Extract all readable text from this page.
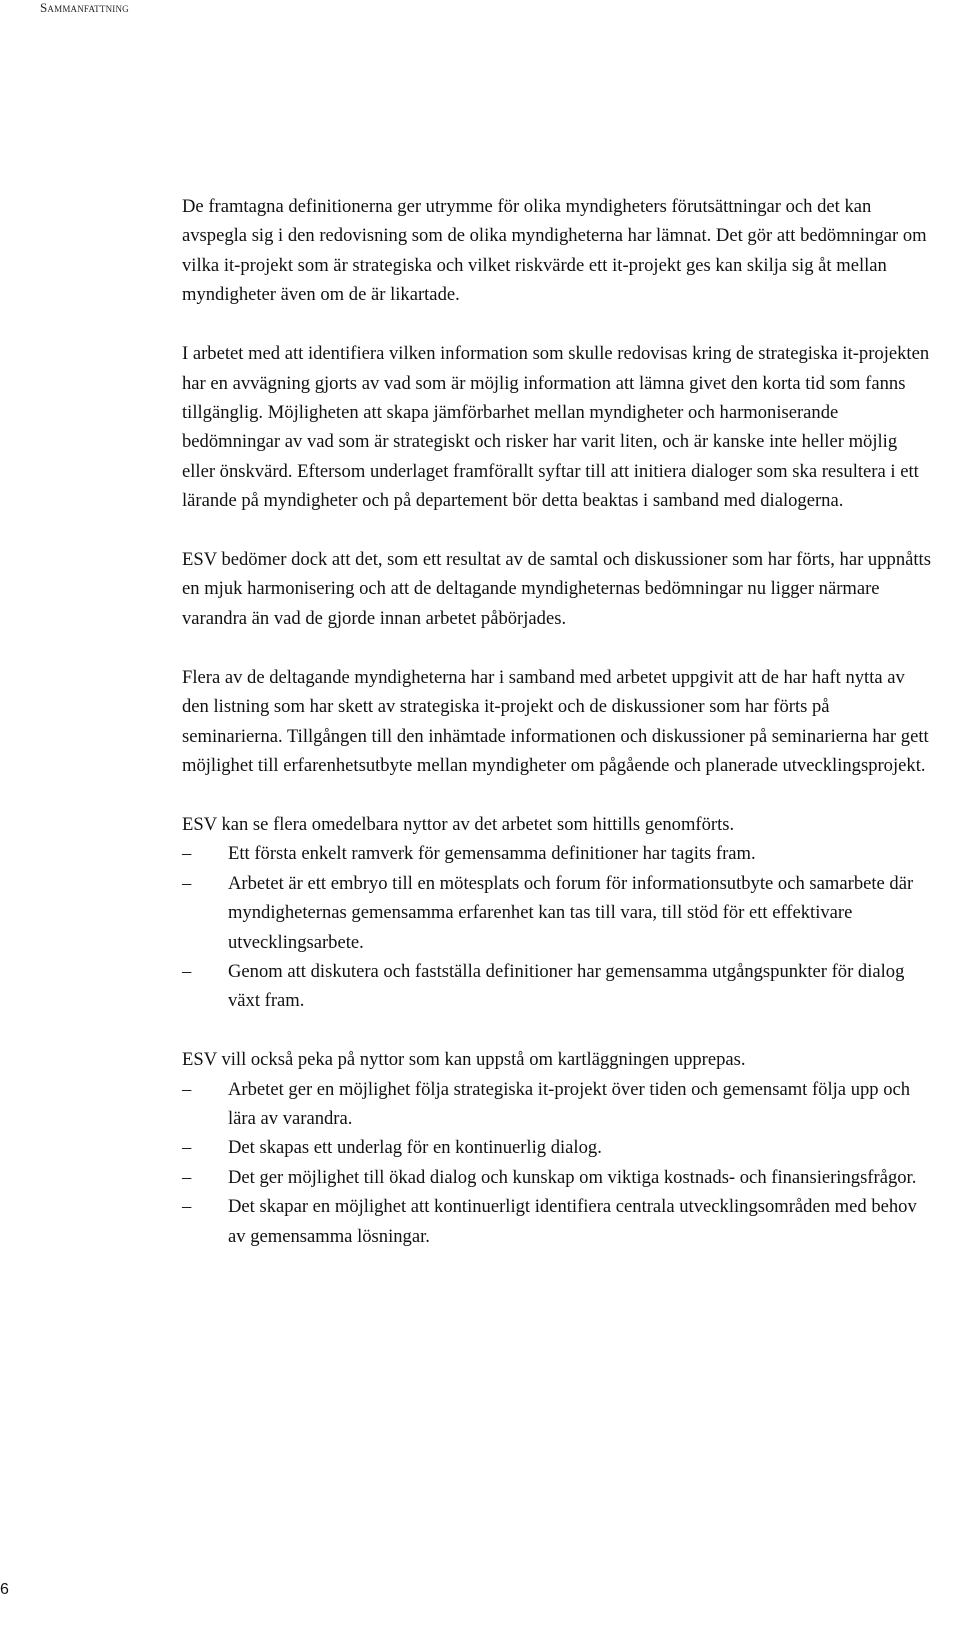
Sammanfattning

De framtagna definitionerna ger utrymme för olika myndigheters förutsättningar och det kan avspegla sig i den redovisning som de olika myndigheterna har lämnat. Det gör att bedömningar om vilka it-projekt som är strategiska och vilket riskvärde ett it-projekt ges kan skilja sig åt mellan myndigheter även om de är likartade.

I arbetet med att identifiera vilken information som skulle redovisas kring de strategiska it-projekten har en avvägning gjorts av vad som är möjlig information att lämna givet den korta tid som fanns tillgänglig. Möjligheten att skapa jämförbarhet mellan myndigheter och harmoniserande bedömningar av vad som är strategiskt och risker har varit liten, och är kanske inte heller möjlig eller önskvärd. Eftersom underlaget framförallt syftar till att initiera dialoger som ska resultera i ett lärande på myndigheter och på departement bör detta beaktas i samband med dialogerna.

ESV bedömer dock att det, som ett resultat av de samtal och diskussioner som har förts, har uppnåtts en mjuk harmonisering och att de deltagande myndigheternas bedömningar nu ligger närmare varandra än vad de gjorde innan arbetet påbörjades.

Flera av de deltagande myndigheterna har i samband med arbetet uppgivit att de har haft nytta av den listning som har skett av strategiska it-projekt och de diskussioner som har förts på seminarierna. Tillgången till den inhämtade informationen och diskussioner på seminarierna har gett möjlighet till erfarenhetsutbyte mellan myndigheter om pågående och planerade utvecklingsprojekt.

ESV kan se flera omedelbara nyttor av det arbetet som hittills genomförts.

–	Ett första enkelt ramverk för gemensamma definitioner har tagits fram.
–	Arbetet är ett embryo till en mötesplats och forum för informationsutbyte och samarbete där myndigheternas gemensamma erfarenhet kan tas till vara, till stöd för ett effektivare utvecklingsarbete.
–	Genom att diskutera och fastställa definitioner har gemensamma utgångspunkter för dialog växt fram.

ESV vill också peka på nyttor som kan uppstå om kartläggningen upprepas.

–	Arbetet ger en möjlighet följa strategiska it-projekt över tiden och gemensamt följa upp och lära av varandra.
–	Det skapas ett underlag för en kontinuerlig dialog.
–	Det ger möjlighet till ökad dialog och kunskap om viktiga kostnads- och finansieringsfrågor.
–	Det skapar en möjlighet att kontinuerligt identifiera centrala utvecklingsområden med behov av gemensamma lösningar.
6
